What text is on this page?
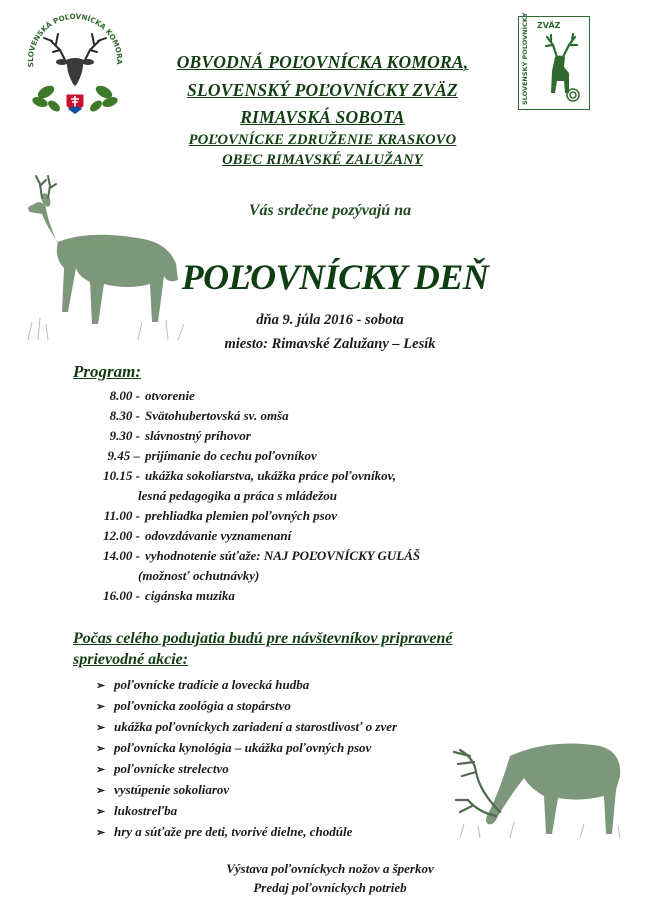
SLOVENSKÁ POĽOVNÍCKA KOMORA
ZVÄZ
SLOVENSKÝ POĽOVNÍCKY
OBVODNÁ POĽOVNÍCKA KOMORA,
SLOVENSKÝ POĽOVNÍCKY ZVÄZ
RIMAVSKÁ SOBOTA
POĽOVNÍCKE ZDRUŽENIE KRASKOVO
OBEC RIMAVSKÉ ZALUŽANY
Vás srdečne pozývajú na
POĽOVNÍCKY DEŇ
dňa 9. júla 2016 - sobota
miesto: Rimavské Zalužany – Lesík
Program:
8.00 - otvorenie
8.30 - Svätohubertovská sv. omša
9.30 - slávnostný príhovor
9.45 – prijímanie do cechu poľovníkov
10.15 - ukážka sokoliarstva, ukážka práce poľovníkov,
lesná pedagogika a práca s mládežou
11.00 - prehliadka plemien poľovných psov
12.00 - odovzdávanie vyznamenaní
14.00 - vyhodnotenie súťaže: NAJ POĽOVNÍCKY GULÁŠ
(možnosť ochutnávky)
16.00 - cigánska muzika
Počas celého podujatia budú pre návštevníkov pripravené
sprievodné akcie:
➢ poľovnícke tradície a lovecká hudba
➢ poľovnícka zoológia a stopárstvo
➢ ukážka poľovníckych zariadení a starostlivosť o zver
➢ poľovnícka kynológia – ukážka poľovných psov
➢ poľovnícke strelectvo
➢ vystúpenie sokoliarov
➢ lukostreľba
➢ hry a súťaže pre deti, tvorivé dielne, chodúle
Výstava poľovníckych nožov a šperkov
Predaj poľovníckych potrieb
